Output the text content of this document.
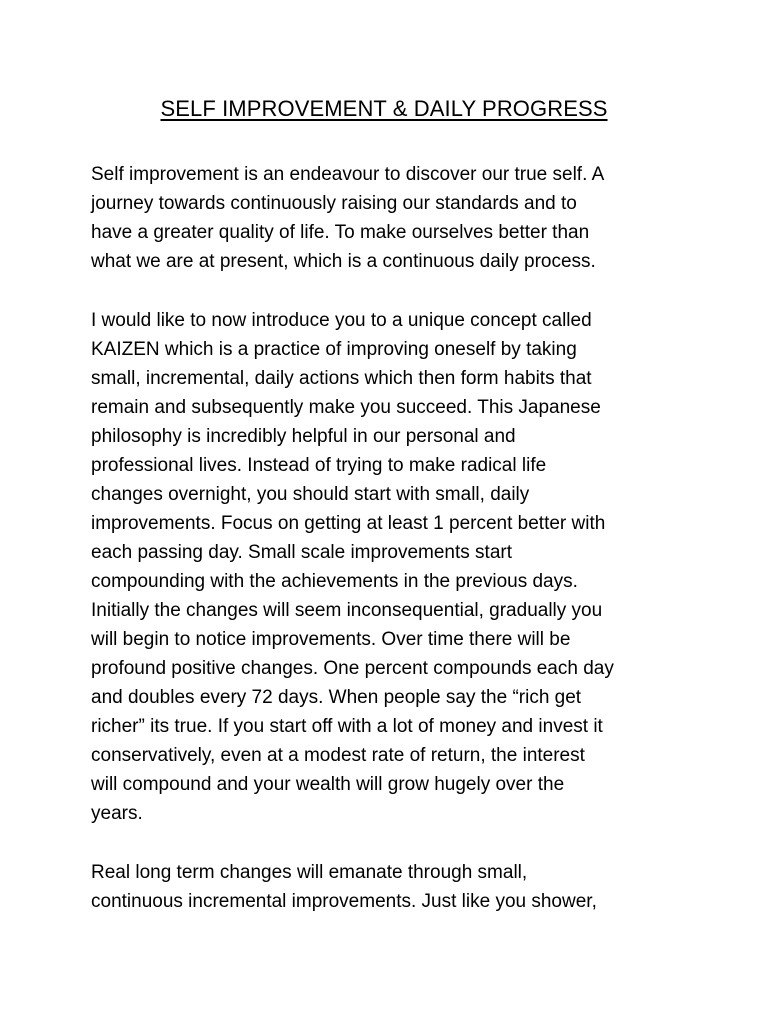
SELF IMPROVEMENT & DAILY PROGRESS
Self improvement is an endeavour to discover our true self. A
journey towards continuously raising our standards and to
have a greater quality of life. To make ourselves better than
what we are at present, which is a continuous daily process.
I would like to now introduce you to a unique concept called
KAIZEN which is a practice of improving oneself by taking
small, incremental, daily actions which then form habits that
remain and subsequently make you succeed. This Japanese
philosophy is incredibly helpful in our personal and
professional lives. Instead of trying to make radical life
changes overnight, you should start with small, daily
improvements. Focus on getting at least 1 percent better with
each passing day. Small scale improvements start
compounding with the achievements in the previous days.
Initially the changes will seem inconsequential, gradually you
will begin to notice improvements. Over time there will be
profound positive changes. One percent compounds each day
and doubles every 72 days. When people say the “rich get
richer” its true. If you start off with a lot of money and invest it
conservatively, even at a modest rate of return, the interest
will compound and your wealth will grow hugely over the
years.
Real long term changes will emanate through small,
continuous incremental improvements. Just like you shower,
